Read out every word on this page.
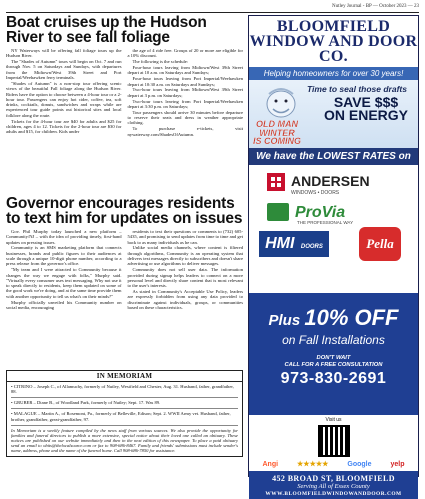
Nutley Journal - BP — October 2023 — 23
Boat cruises up the Hudson River to see fall foliage

NY Waterways will be offering fall foliage tours up the Hudson River.

The "Shades of Autumn" tours will begin on Oct. 7 and run through Nov. 5 on Saturdays and Sundays, with departures from the Midtown/West 39th Street and Port Imperial/Weehawken ferry terminals.

"Shades of Autumn" is a non-stop tour offering scenic views of the beautiful Fall foliage along the Hudson River. Riders have the option to choose between a 4-hour tour or a 2-hour tour. Passengers can enjoy hot cider, coffee, tea, soft drinks, cocktails, donuts, sandwiches and wraps while are experienced tour guide points out historical sites and local folklore along the route.

Tickets for the 4-hour tour are $40 for adults and $25 for children, ages 4 to 12. Tickets for the 2-hour tour are $30 for adults and $15, for children. Kids under

the age of 4 ride free. Groups of 20 or more are eligible for a 10% discount.

The following is the schedule:

Four-hour tours leaving from Midtown/West 39th Street depart at 10 a.m. on Saturdays and Sundays;

Four-hour tours leaving from Port Imperial/Weehawken depart at 10:30 a.m. on Saturdays and Sundays;

Two-hour tours leaving from Midtown/West 39th Street depart at 3 p.m. on Saturdays;

Two-hour tours leaving from Port Imperial/Weehawken depart at 3:30 p.m. on Saturdays;

Tour passengers should arrive 30 minutes before departure to reserve their seats and dress in weather appropriate clothing.

To purchase e-tickets, visit nywaterway.com/ShadesOfAutumn.

Governor encourages residents to text him for updates on issues

Gov. Phil Murphy today launched a new platform – Community/NJ – with the idea of providing timely, first-hand updates on pressing issues.

Community is an SMS marketing platform that connects businesses, brands and public figures to their audiences at scale through a unique 10-digit phone number, according to a press release from the governor's office.

"My team and I were attracted to Community because it changes the way we engage with folks," Murphy said. "Virtually every consumer uses text messaging. Why not use it to speak directly to residents, keep them updated on some of the good work we're doing, and at the same time provide them with another opportunity to tell us what's on their minds?"

Murphy officially unveiled his Community number on social media, encouraging

residents to text their questions or comments to (732) 605-5435, and promising to send updates from time to time and get back to as many individuals as he can.

Unlike social media channels, where content is filtered through algorithms, Community is an operating system that delivers text messages directly to subscribers and doesn't share advertising or use algorithms to deliver messages.

Community does not sell user data. The information provided during signup helps leaders to connect on a more personal level and directly share content that is most relevant to the user's interests.

As stated in Community's Acceptable Use Policy, leaders are expressly forbidden from using any data provided to discriminate against individuals, groups, or communities based on these characteristics.

IN MEMORIAM
• CITRINO – Joseph C., of Allamuchy, formerly of Nutley, Westfield and Chester, Aug. 31. Husband, father, grandfather, 88.
• GRUBER – Diane B., of Woodland Park, formerly of Nutley; Sept. 17. Was 89.
• MALAGUE – Martin A., of Rosemont, Pa., formerly of Belleville, Edison; Sept. 2. WWII Army vet. Husband, father, brother, grandfather, great-grandfather, 97.
In Memoriam is a weekly feature compiled by the news staff from various sources. We also provide the opportunity for families and funeral directors to publish a more extensive, special notice about their loved one called an obituary. These notices are published on our website immediately and then in the next edition of this newspaper. To place a paid obituary send an email to obits@thelocalsource.com or fax to 908-686-8467. Family and friends' submissions must include sender's name, address, phone and the name of the funeral home. Call 908-686-7850 for assistance.
BLOOMFIELD
WINDOW AND DOOR CO.
Helping homeowners for over 30 years!
Time to seal those drafts
SAVE $$$
ON ENERGY
OLD MAN
WINTER
IS COMING
We have the LOWEST RATES on
ANDERSEN
WINDOWS • DOORS
ProVia
THE PROFESSIONAL WAY
HMI DOORS	Pella
Plus 10% OFF
on Fall Installations
DON'T WAIT
CALL FOR A FREE CONSULTATION
973-830-2691
Visit us
Angi	★★★★★	Google	yelp
452 BROAD ST, BLOOMFIELD
Serving All of Essex County
WWW.BLOOMFIELDWINDOWANDDOOR.COM
